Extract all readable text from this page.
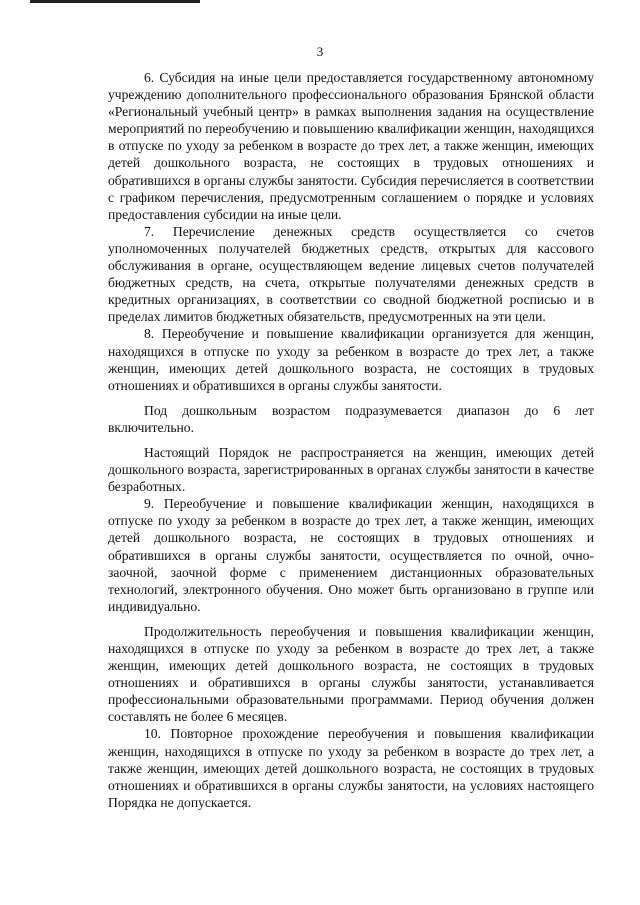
3

6. Субсидия на иные цели предоставляется государственному автономному учреждению дополнительного профессионального образования Брянской области «Региональный учебный центр» в рамках выполнения задания на осуществление мероприятий по переобучению и повышению квалификации женщин, находящихся в отпуске по уходу за ребенком в возрасте до трех лет, а также женщин, имеющих детей дошкольного возраста, не состоящих в трудовых отношениях и обратившихся в органы службы занятости. Субсидия перечисляется в соответствии с графиком перечисления, предусмотренным соглашением о порядке и условиях предоставления субсидии на иные цели.

7. Перечисление денежных средств осуществляется со счетов уполномоченных получателей бюджетных средств, открытых для кассового обслуживания в органе, осуществляющем ведение лицевых счетов получателей бюджетных средств, на счета, открытые получателями денежных средств в кредитных организациях, в соответствии со сводной бюджетной росписью и в пределах лимитов бюджетных обязательств, предусмотренных на эти цели.

8. Переобучение и повышение квалификации организуется для женщин, находящихся в отпуске по уходу за ребенком в возрасте до трех лет, а также женщин, имеющих детей дошкольного возраста, не состоящих в трудовых отношениях и обратившихся в органы службы занятости.

Под дошкольным возрастом подразумевается диапазон до 6 лет включительно.

Настоящий Порядок не распространяется на женщин, имеющих детей дошкольного возраста, зарегистрированных в органах службы занятости в качестве безработных.

9. Переобучение и повышение квалификации женщин, находящихся в отпуске по уходу за ребенком в возрасте до трех лет, а также женщин, имеющих детей дошкольного возраста, не состоящих в трудовых отношениях и обратившихся в органы службы занятости, осуществляется по очной, очно-заочной, заочной форме с применением дистанционных образовательных технологий, электронного обучения. Оно может быть организовано в группе или индивидуально.

Продолжительность переобучения и повышения квалификации женщин, находящихся в отпуске по уходу за ребенком в возрасте до трех лет, а также женщин, имеющих детей дошкольного возраста, не состоящих в трудовых отношениях и обратившихся в органы службы занятости, устанавливается профессиональными образовательными программами. Период обучения должен составлять не более 6 месяцев.

10. Повторное прохождение переобучения и повышения квалификации женщин, находящихся в отпуске по уходу за ребенком в возрасте до трех лет, а также женщин, имеющих детей дошкольного возраста, не состоящих в трудовых отношениях и обратившихся в органы службы занятости, на условиях настоящего Порядка не допускается.
